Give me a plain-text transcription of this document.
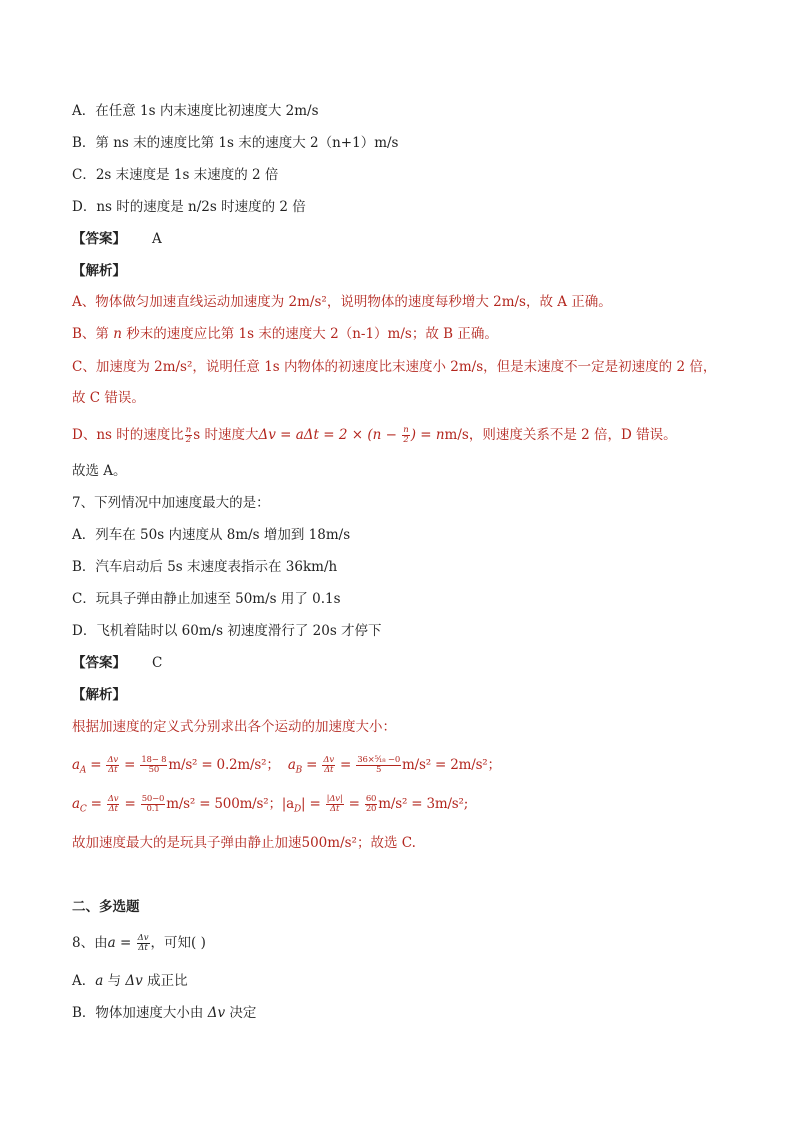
A．在任意 1s 内末速度比初速度大 2m/s

B．第 ns 末的速度比第 1s 末的速度大 2（n+1）m/s

C．2s 末速度是 1s 末速度的 2 倍

D．ns 时的速度是 n/2s 时速度的 2 倍

【答案】 A

【解析】

A、物体做匀加速直线运动加速度为 2m/s²，说明物体的速度每秒增大 2m/s，故 A 正确。

B、第 n 秒末的速度应比第 1s 末的速度大 2（n-1）m/s；故 B 正确。

C、加速度为 2m/s²，说明任意 1s 内物体的初速度比末速度小 2m/s，但是末速度不一定是初速度的 2 倍，

故 C 错误。

D、ns 时的速度比 $\frac{n}{2}$ s 时速度大$\Delta v = a\Delta t = 2 \times (n - \frac{n}{2}$ ) = nm/s，则速度关系不是 2 倍，D 错误。

故选 A。

7、下列情况中加速度最大的是：

A．列车在 50s 内速度从 8m/s 增加到 18m/s

B．汽车启动后 5s 末速度表指示在 36km/h

C．玩具子弹由静止加速至 50m/s 用了 0.1s

D．飞机着陆时以 60m/s 初速度滑行了 20s 才停下

【答案】 C

【解析】

根据加速度的定义式分别求出各个运动的加速度大小：

$a_A = \frac{\Delta v}{\Delta t} = \frac{18- 8}{50} m/s^2 = 0.2m/s^2$； $a_B = \frac{\Delta v}{\Delta t} = \frac{\text{36×⁵⁄₁₈ −0}}{5} m/s^2 = 2m/s^2$；

$a_C = \frac{\Delta v}{\Delta t} = \frac{50-0}{0.1} m/s^2 = 500m/s^2$；$|a_D| = \frac{|\Delta v|}{\Delta t} = \frac{60}{20} m/s^2 = 3m/s^2$;

故加速度最大的是玩具子弹由静止加速500m/s²；故选 C.

二、多选题

8、由$a = \frac{\Delta v}{\Delta t}$ ，可知( )

A．a 与 Δv 成正比

B．物体加速度大小由 Δv 决定
